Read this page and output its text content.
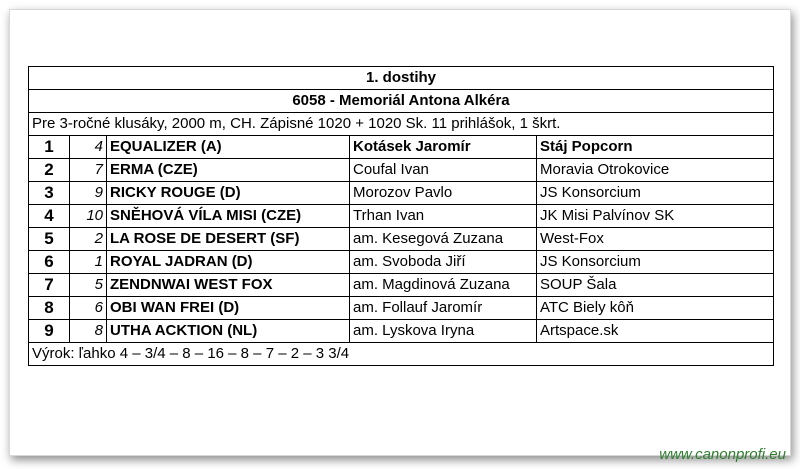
1. dostihy				
6058 - Memoriál Antona Alkéra				
Pre 3-ročné klusáky, 2000 m, CH. Zápisné 1020 + 1020 Sk. 11 prihlášok, 1 škrt.				
1	4	EQUALIZER (A)	Kotásek Jaromír	Stáj Popcorn
2	7	ERMA (CZE)	Coufal Ivan	Moravia Otrokovice
3	9	RICKY ROUGE (D)	Morozov Pavlo	JS Konsorcium
4	10	SNĚHOVÁ VÍLA MISI (CZE)	Trhan Ivan	JK Misi Palvínov SK
5	2	LA ROSE DE DESERT (SF)	am. Kesegová Zuzana	West-Fox
6	1	ROYAL JADRAN (D)	am. Svoboda Jiří	JS Konsorcium
7	5	ZENDNWAI WEST FOX	am. Magdinová Zuzana	SOUP Šala
8	6	OBI WAN FREI (D)	am. Follauf Jaromír	ATC Biely kôň
9	8	UTHA ACKTION (NL)	am. Lyskova Iryna	Artspace.sk
Výrok: ľahko 4 – 3/4 – 8 – 16 – 8 – 7 – 2 – 3 3/4				
www.canonprofi.eu
